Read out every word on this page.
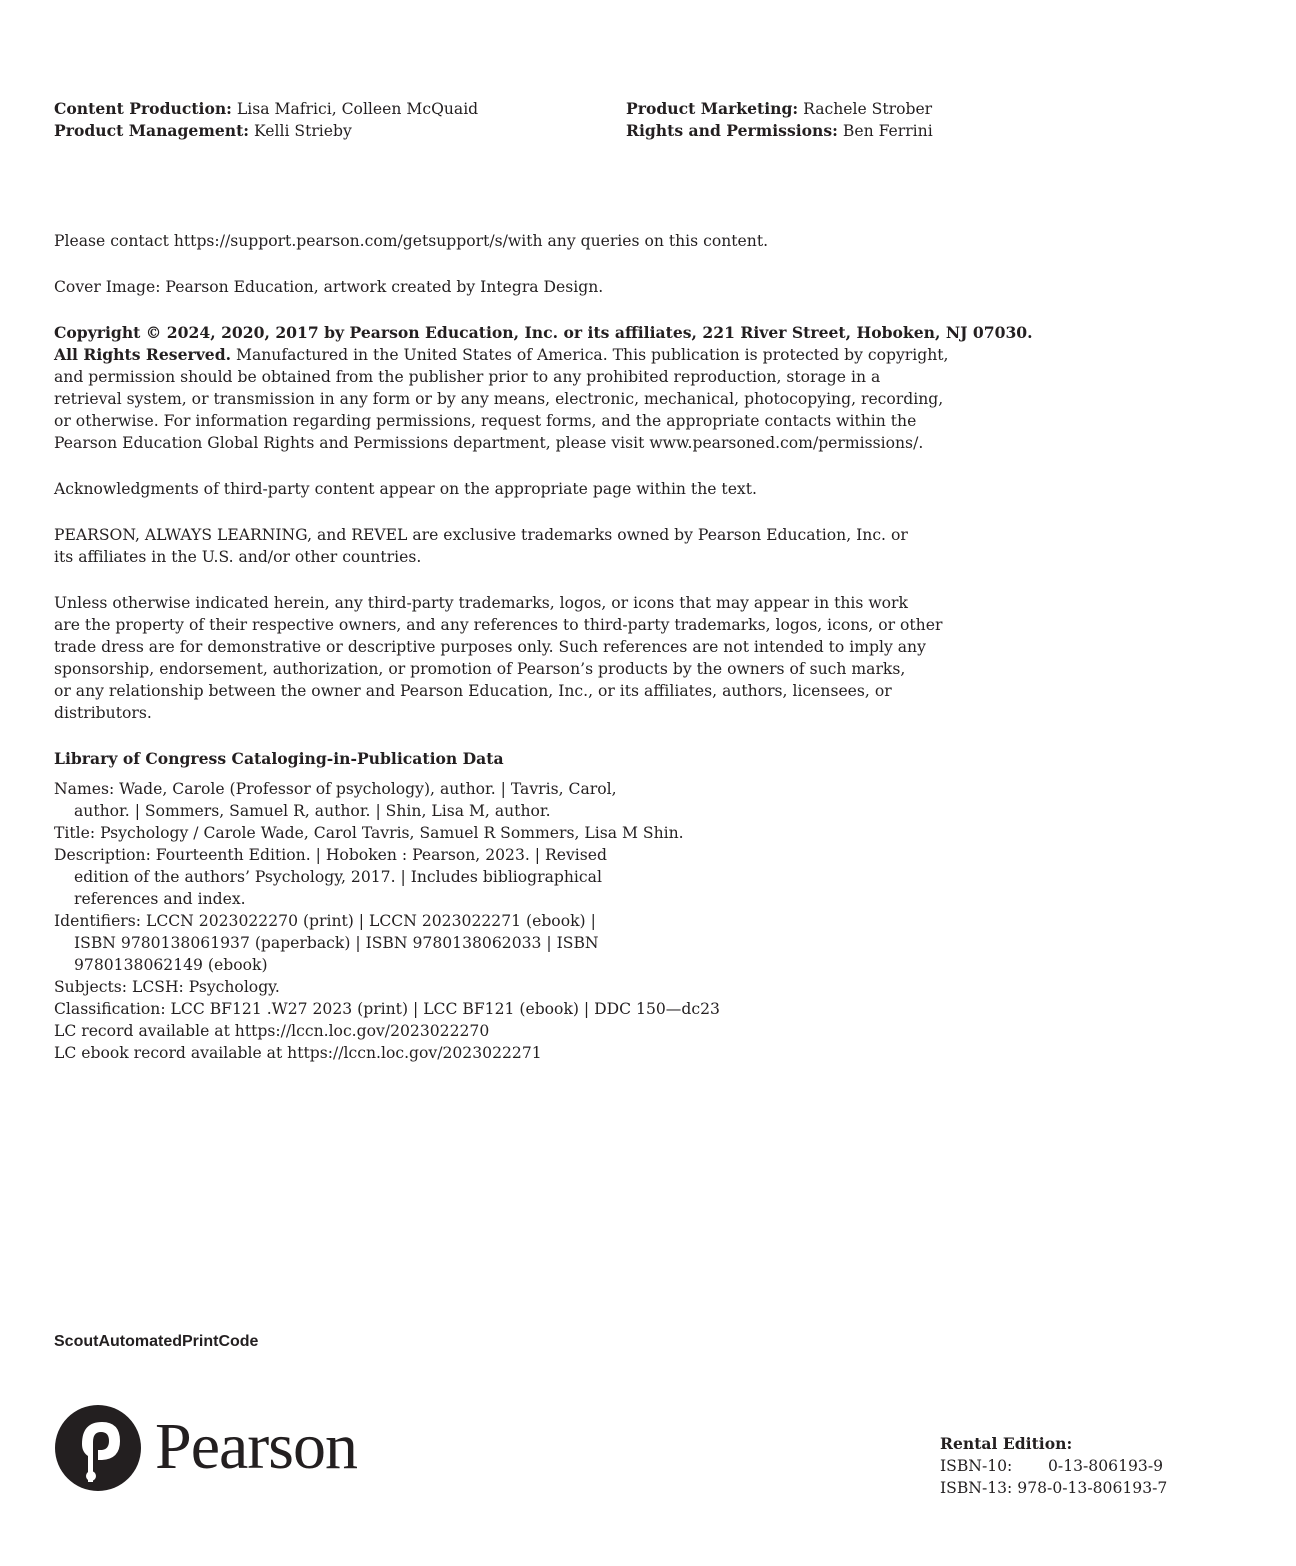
Content Production: Lisa Mafrici, Colleen McQuaid
Product Management: Kelli Strieby
Product Marketing: Rachele Strober
Rights and Permissions: Ben Ferrini

Please contact https://support.pearson.com/getsupport/s/with any queries on this content.

Cover Image: Pearson Education, artwork created by Integra Design.

Copyright © 2024, 2020, 2017 by Pearson Education, Inc. or its affiliates, 221 River Street, Hoboken, NJ 07030.

All Rights Reserved. Manufactured in the United States of America. This publication is protected by copyright,

and permission should be obtained from the publisher prior to any prohibited reproduction, storage in a

retrieval system, or transmission in any form or by any means, electronic, mechanical, photocopying, recording,

or otherwise. For information regarding permissions, request forms, and the appropriate contacts within the

Pearson Education Global Rights and Permissions department, please visit www.pearsoned.com/permissions/.

Acknowledgments of third-party content appear on the appropriate page within the text.

PEARSON, ALWAYS LEARNING, and REVEL are exclusive trademarks owned by Pearson Education, Inc. or

its affiliates in the U.S. and/or other countries.

Unless otherwise indicated herein, any third-party trademarks, logos, or icons that may appear in this work

are the property of their respective owners, and any references to third-party trademarks, logos, icons, or other

trade dress are for demonstrative or descriptive purposes only. Such references are not intended to imply any

sponsorship, endorsement, authorization, or promotion of Pearson’s products by the owners of such marks,

or any relationship between the owner and Pearson Education, Inc., or its affiliates, authors, licensees, or

distributors.

Library of Congress Cataloging-in-Publication Data
Names: Wade, Carole (Professor of psychology), author. | Tavris, Carol,
author. | Sommers, Samuel R, author. | Shin, Lisa M, author.
Title: Psychology / Carole Wade, Carol Tavris, Samuel R Sommers, Lisa M Shin.
Description: Fourteenth Edition. | Hoboken : Pearson, 2023. | Revised
edition of the authors’ Psychology, 2017. | Includes bibliographical
references and index.
Identifiers: LCCN 2023022270 (print) | LCCN 2023022271 (ebook) |
ISBN 9780138061937 (paperback) | ISBN 9780138062033 | ISBN
9780138062149 (ebook)
Subjects: LCSH: Psychology.
Classification: LCC BF121 .W27 2023 (print) | LCC BF121 (ebook) | DDC 150—dc23
LC record available at https://lccn.loc.gov/2023022270
LC ebook record available at https://lccn.loc.gov/2023022271
ScoutAutomatedPrintCode
Pearson	Rental Edition:
ISBN-10: 0-13-806193-9
ISBN-13: 978-0-13-806193-7
